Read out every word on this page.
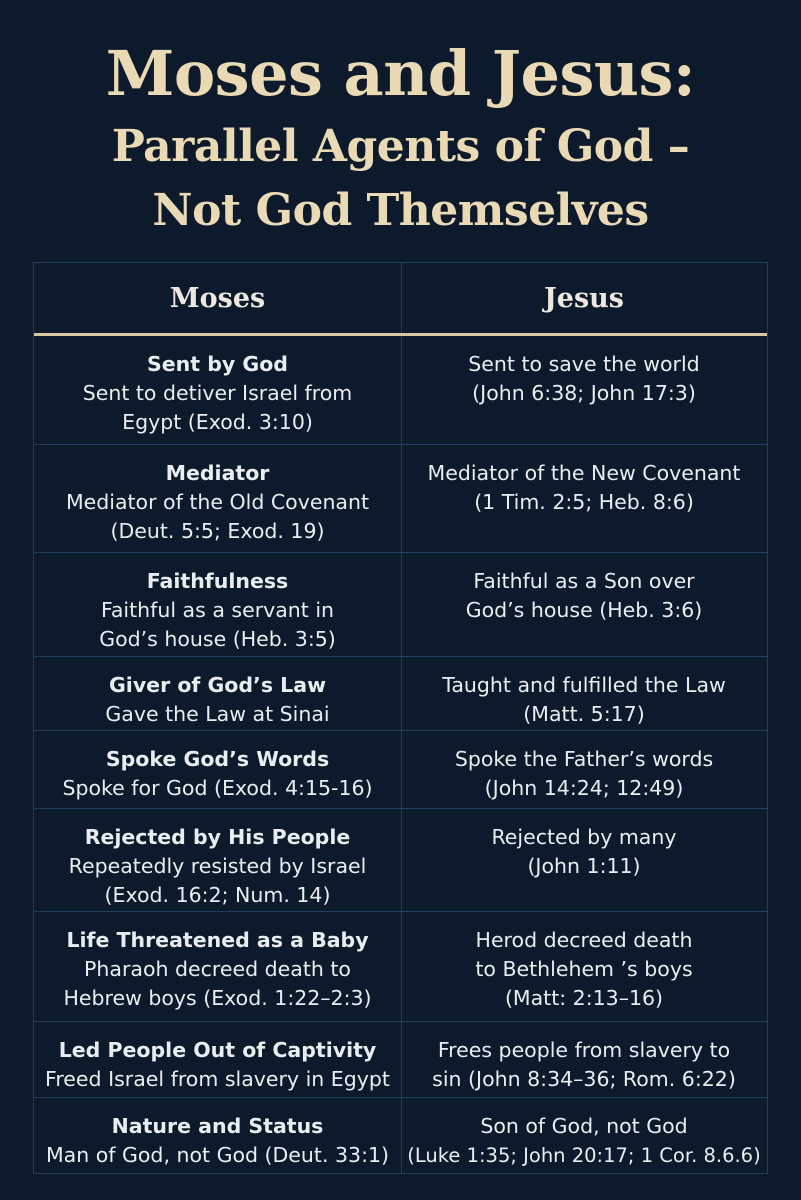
Moses and Jesus:
Parallel Agents of God –
Not God Themselves
Moses	Jesus
Sent by God
Sent to detiver Israel from
Egypt (Exod. 3:10)
Sent to save the world
(John 6:38; John 17:3)
Mediator
Mediator of the Old Covenant
(Deut. 5:5; Exod. 19)
Mediator of the New Covenant
(1 Tim. 2:5; Heb. 8:6)
Faithfulness
Faithful as a servant in
God’s house (Heb. 3:5)
Faithful as a Son over
God’s house (Heb. 3:6)
Giver of God’s Law
Gave the Law at Sinai
Taught and fulfilled the Law
(Matt. 5:17)
Spoke God’s Words
Spoke for God (Exod. 4:15-16)
Spoke the Father’s words
(John 14:24; 12:49)
Rejected by His People
Repeatedly resisted by Israel
(Exod. 16:2; Num. 14)
Rejected by many
(John 1:11)
Life Threatened as a Baby
Pharaoh decreed death to
Hebrew boys (Exod. 1:22–2:3)
Herod decreed death
to Bethlehem ’s boys
(Matt: 2:13–16)
Led People Out of Captivity
Freed Israel from slavery in Egypt
Frees people from slavery to
sin (John 8:34–36; Rom. 6:22)
Nature and Status
Man of God, not God (Deut. 33:1)
Son of God, not God
(Luke 1:35; John 20:17; 1 Cor. 8.6.6)
